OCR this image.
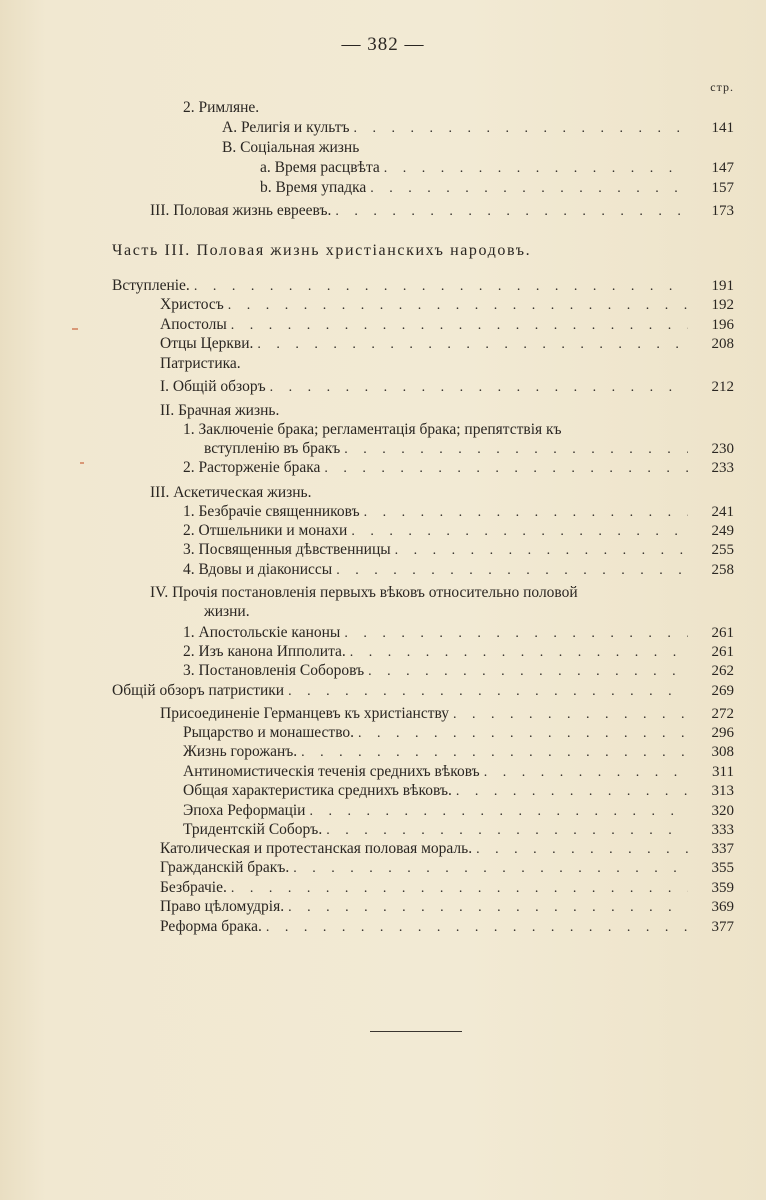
— 382 —
стр.
2. Римляне.
A. Религія и культъ . . .	141
B. Соціальная жизнь
a. Время расцвѣта . . .	147
b. Время упадка . . .	157
III. Половая жизнь евреевъ. . . .	173
Часть III. Половая жизнь христіанскихъ народовъ.
Вступленіе. . . .	191
Христосъ . . .	192
Апостолы . . .	196
Отцы Церкви. . . .	208
Патристика.
I. Общій обзоръ . . .	212
II. Брачная жизнь.
1. Заключеніе брака; регламентація брака; препятствія къ
вступленію въ бракъ . . .	230
2. Расторженіе брака . . .	233
III. Аскетическая жизнь.
1. Безбрачіе священниковъ . . .	241
2. Отшельники и монахи . . .	249
3. Посвященныя дѣвственницы . . .	255
4. Вдовы и діакониссы . . .	258
IV. Прочія постановленія первыхъ вѣковъ относительно половой
жизни.
1. Апостольскіе каноны . . .	261
2. Изъ канона Ипполита. . . .	261
3. Постановленія Соборовъ . . .	262
Общій обзоръ патристики . . .	269
Присоединеніе Германцевъ къ христіанству . . .	272
Рыцарство и монашество. . . .	296
Жизнь горожанъ. . . .	308
Антиномистическія теченія среднихъ вѣковъ . . .	311
Общая характеристика среднихъ вѣковъ. . . .	313
Эпоха Реформаціи . . .	320
Тридентскій Соборъ. . . .	333
Католическая и протестанская половая мораль. . . .	337
Гражданскій бракъ. . . .	355
Безбрачіе. . . .	359
Право цѣломудрія. . . .	369
Реформа брака. . . .	377
